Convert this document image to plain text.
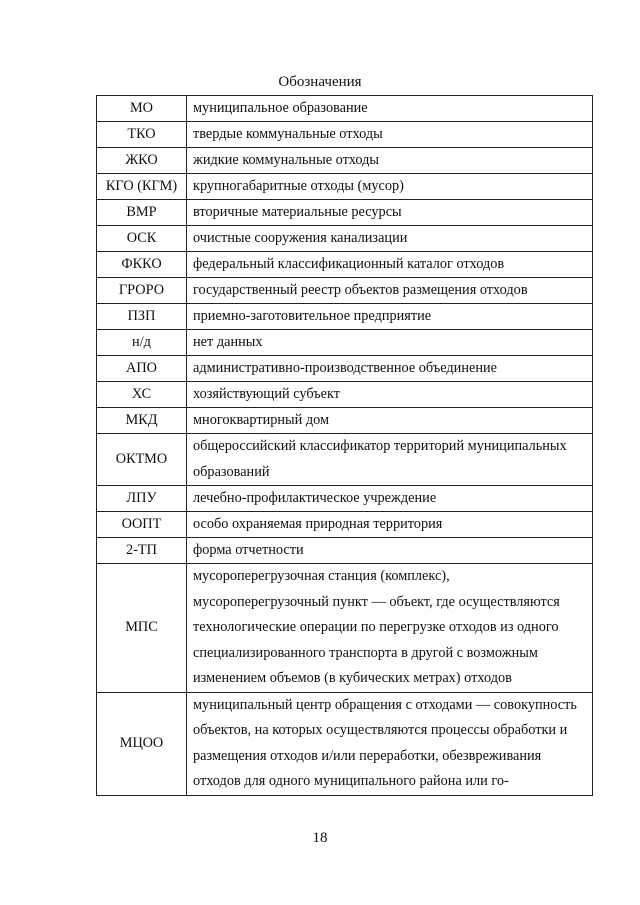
Обозначения
МО	муниципальное образование
ТКО	твердые коммунальные отходы
ЖКО	жидкие коммунальные отходы
КГО (КГМ)	крупногабаритные отходы (мусор)
ВМР	вторичные материальные ресурсы
ОСК	очистные сооружения канализации
ФККО	федеральный классификационный каталог отходов
ГРОРО	государственный реестр объектов размещения отходов
ПЗП	приемно-заготовительное предприятие
н/д	нет данных
АПО	административно-производственное объединение
ХС	хозяйствующий субъект
МКД	многоквартирный дом
ОКТМО	общероссийский классификатор территорий муниципальных образований
ЛПУ	лечебно-профилактическое учреждение
ООПТ	особо охраняемая природная территория
2-ТП	форма отчетности
МПС	мусороперегрузочная станция (комплекс), мусороперегрузочный пункт — объект, где осуществляются технологические операции по перегрузке отходов из одного специализированного транспорта в другой с возможным изменением объемов (в кубических метрах) отходов
МЦОО	муниципальный центр обращения с отходами — совокупность объектов, на которых осуществляются процессы обработки и размещения отходов и/или переработки, обезвреживания отходов для одного муниципального района или го-
18
